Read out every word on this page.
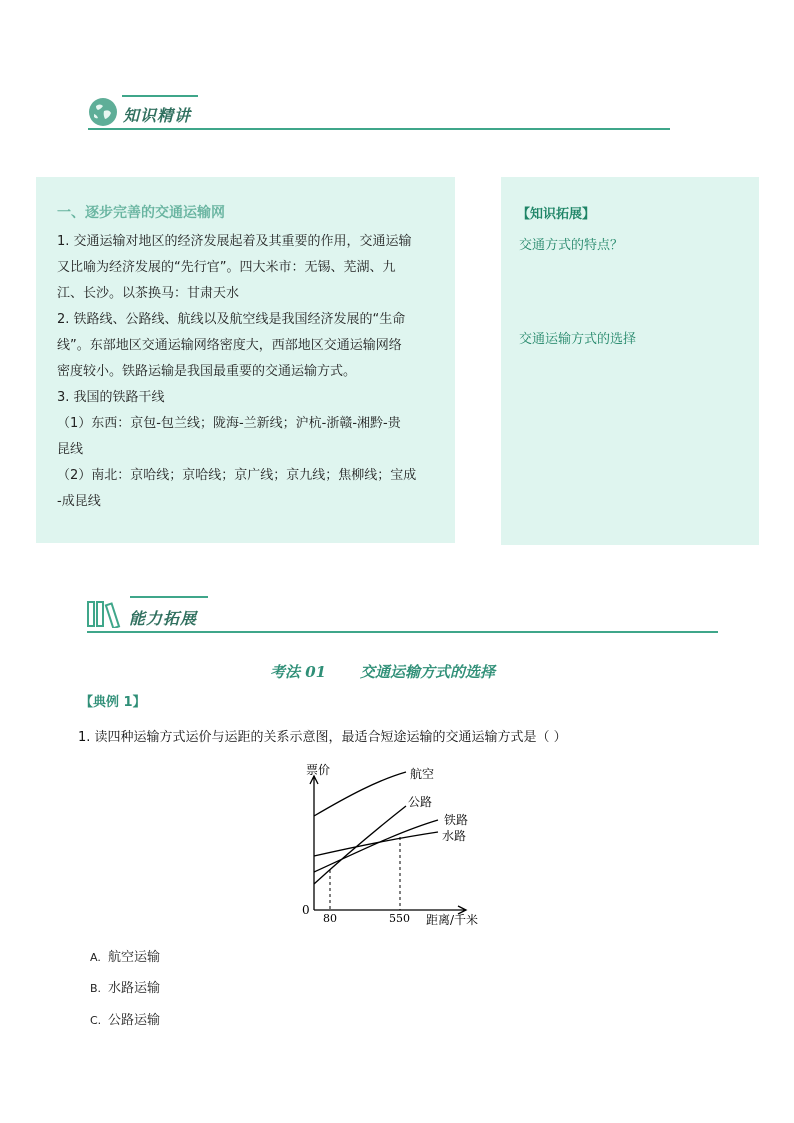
知识精讲
一、逐步完善的交通运输网
1. 交通运输对地区的经济发展起着及其重要的作用，交通运输
又比喻为经济发展的“先行官”。四大米市：无锡、芜湖、九
江、长沙。以茶换马：甘肃天水
2. 铁路线、公路线、航线以及航空线是我国经济发展的“生命
线”。东部地区交通运输网络密度大，西部地区交通运输网络
密度较小。铁路运输是我国最重要的交通运输方式。
3. 我国的铁路干线
（1）东西：京包-包兰线；陇海-兰新线；沪杭-浙赣-湘黔-贵
昆线
（2）南北：京哈线；京哈线；京广线；京九线；焦柳线；宝成
-成昆线
【知识拓展】
交通方式的特点？
交通运输方式的选择
能力拓展
考法 01 交通运输方式的选择
【典例 1】
1. 读四种运输方式运价与运距的关系示意图，最适合短途运输的交通运输方式是（ ）
票价
距离/千米
0
80	550
航空
公路
铁路
水路
A. 航空运输
B. 水路运输
C. 公路运输
